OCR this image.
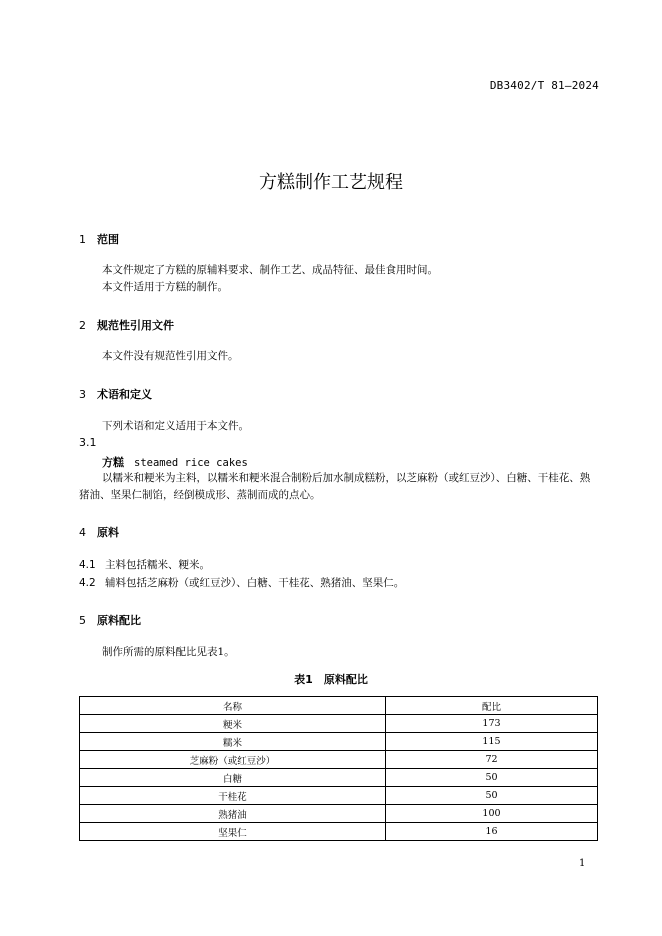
DB3402/T 81—2024
方糕制作工艺规程
1 范围
本文件规定了方糕的原辅料要求、制作工艺、成品特征、最佳食用时间。
本文件适用于方糕的制作。
2 规范性引用文件
本文件没有规范性引用文件。
3 术语和定义
下列术语和定义适用于本文件。
3.1
方糕 steamed rice cakes
以糯米和粳米为主料，以糯米和粳米混合制粉后加水制成糕粉，以芝麻粉（或红豆沙）、白糖、干桂花、熟猪油、坚果仁制馅，经倒模成形、蒸制而成的点心。
4 原料
4.1 主料包括糯米、粳米。
4.2 辅料包括芝麻粉（或红豆沙）、白糖、干桂花、熟猪油、坚果仁。
5 原料配比
制作所需的原料配比见表1。
表1　原料配比
名称	配比
粳米	173
糯米	115
芝麻粉（或红豆沙）	72
白糖	50
干桂花	50
熟猪油	100
坚果仁	16
1
